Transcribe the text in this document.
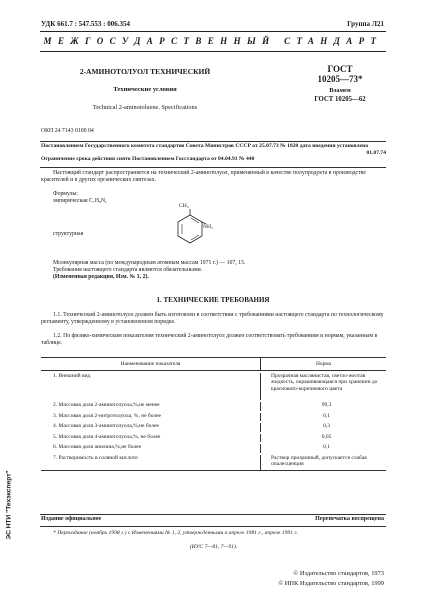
УДК 661.7 : 547.553 : 006.354	Группа Л21
МЕЖГОСУДАРСТВЕННЫЙ СТАНДАРТ
2-АМИНОТОЛУОЛ ТЕХНИЧЕСКИЙ
Технические условия
Technical 2-aminotoluene. Specifications
ГОСТ
10205—73*
Взамен
ГОСТ 10205—62
ОКП 24 7143 0100 04
Постановлением Государственного комитета стандартов Совета Министров СССР от 25.07.73 № 1820 дата введения установлена
01.07.74
Ограничение срока действия снято Постановлением Госстандарта от 04.04.91 № 440
Настоящий стандарт распространяется на технический 2-аминотолуол, применяемый в качестве полупродукта в производстве красителей и в других органических синтезах.
Формулы:
эмпирическая C₇H₉N,
структурная
CH₃
NH₂
Молекулярная масса (по международным атомным массам 1971 г.) — 107, 15.
Требования настоящего стандарта являются обязательными.
(Измененная редакция, Изм. № 1, 2).
1. ТЕХНИЧЕСКИЕ ТРЕБОВАНИЯ
1.1. Технический 2-аминотолуол должен быть изготовлен в соответствии с требованиями настоящего стандарта по технологическому регламенту, утвержденному в установленном порядке.
1.2. По физико-химическим показателям технический 2-аминотолуол должен соответствовать требованиям и нормам, указанным в таблице.
Наименование показателя	Норма
1. Внешний вид	Прозрачная маслянистая, светло-желтая жидкость, окрашивающаяся при хранении до красновато-коричневого цвета
2. Массовая доля 2-аминотолуола,%,не менее	99,3
3. Массовая доля 2-нитротолуола, %, не более	0,1
4. Массовая доля 3-аминотолуола,%,не более	0,3
5. Массовая доля 4-аминотолуола,%, не более	0,05
6. Массовая доля анилина,%,не более	0,1
7. Растворимость в соляной кислоте	Раствор прозрачный, допускается слабая опалесценция
Издание официальное	Перепечатка воспрещена
* Переиздание (ноябрь 1998 г.) с Изменениями № 1, 2, утвержденными в апреле 1981 г., апреле 1991 г.
(ИУС 7—81, 7—91).
© Издательство стандартов, 1973
© ИПК Издательство стандартов, 1999
ЭС НТИ "Техэксперт"
